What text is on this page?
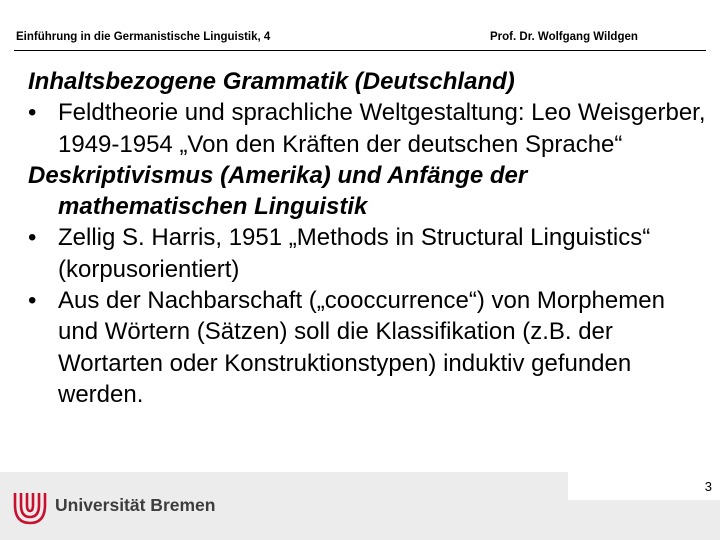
Einführung in die Germanistische Linguistik, 4	Prof. Dr. Wolfgang Wildgen
Inhaltsbezogene Grammatik (Deutschland)
• Feldtheorie und sprachliche Weltgestaltung: Leo Weisgerber, 1949-1954 „Von den Kräften der deutschen Sprache“
Deskriptivismus (Amerika) und Anfänge der
mathematischen Linguistik
• Zellig S. Harris, 1951 „Methods in Structural Linguistics“ (korpusorientiert)
• Aus der Nachbarschaft („cooccurrence“) von Morphemen und Wörtern (Sätzen) soll die Klassifikation (z.B. der Wortarten oder Konstruktionstypen) induktiv gefunden werden.
3
Universität Bremen
